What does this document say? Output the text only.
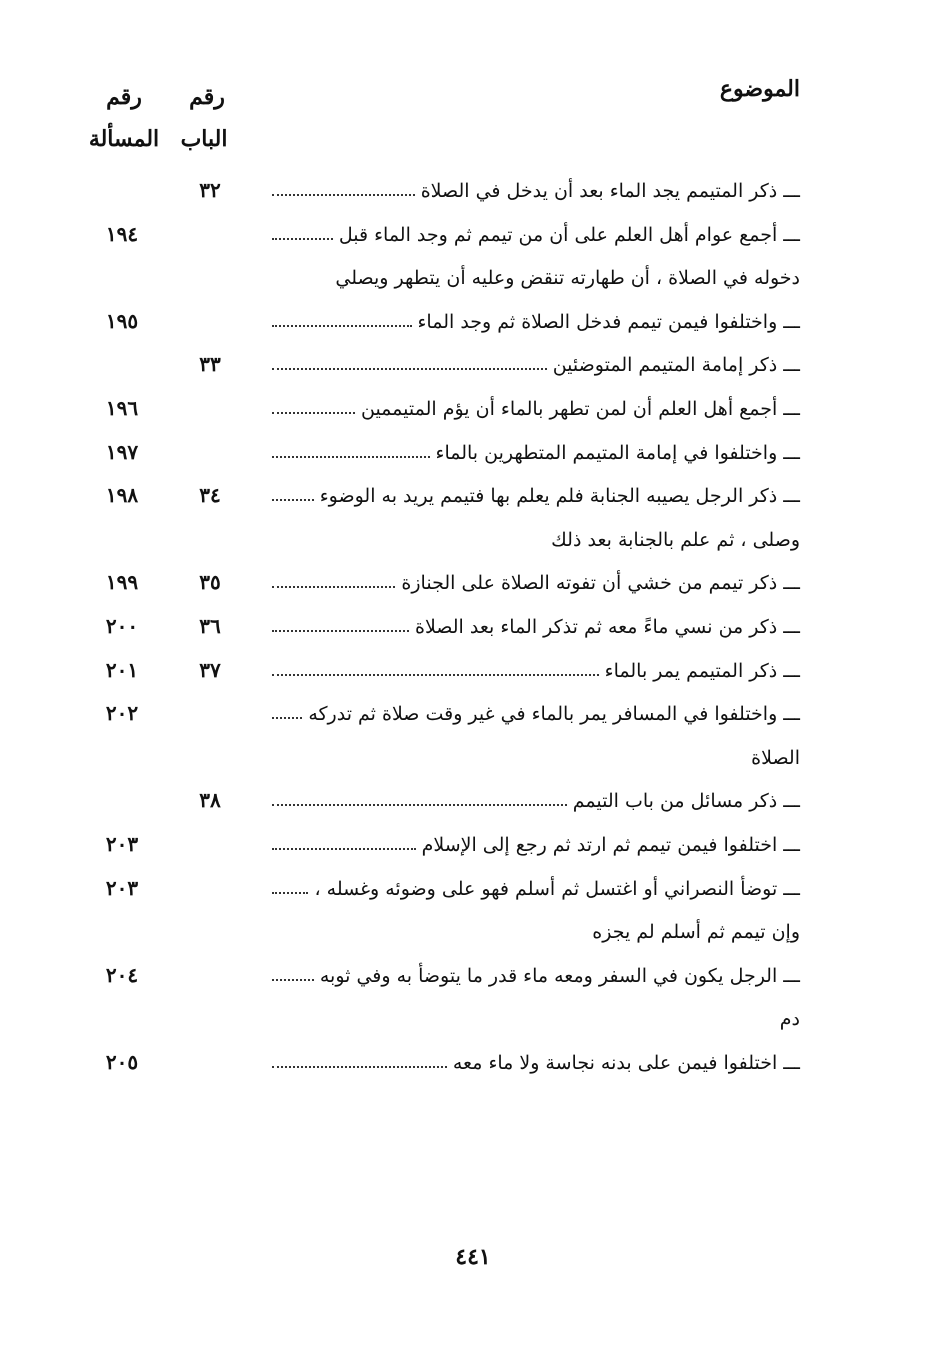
الموضوع
رقم
الباب
رقم
المسألة
ـــ ذكر المتيمم يجد الماء بعد أن يدخل في الصلاة
٣٢
ـــ أجمع عوام أهل العلم على أن من تيمم ثم وجد الماء قبل
دخوله في الصلاة ، أن طهارته تنقض وعليه أن يتطهر ويصلي
١٩٤
ـــ واختلفوا فيمن تيمم فدخل الصلاة ثم وجد الماء
١٩٥
ـــ ذكر إمامة المتيمم المتوضئين
٣٣
ـــ أجمع أهل العلم أن لمن تطهر بالماء أن يؤم المتيممين
١٩٦
ـــ واختلفوا في إمامة المتيمم المتطهرين بالماء
١٩٧
ـــ ذكر الرجل يصيبه الجنابة فلم يعلم بها فتيمم يريد به الوضوء
وصلى ، ثم علم بالجنابة بعد ذلك
٣٤
١٩٨
ـــ ذكر تيمم من خشي أن تفوته الصلاة على الجنازة
٣٥
١٩٩
ـــ ذكر من نسي ماءً معه ثم تذكر الماء بعد الصلاة
٣٦
٢٠٠
ـــ ذكر المتيمم يمر بالماء
٣٧
٢٠١
ـــ واختلفوا في المسافر يمر بالماء في غير وقت صلاة ثم تدركه
الصلاة
٢٠٢
ـــ ذكر مسائل من باب التيمم
٣٨
ـــ اختلفوا فيمن تيمم ثم ارتد ثم رجع إلى الإسلام
٢٠٣
ـــ توضأ النصراني أو اغتسل ثم أسلم فهو على وضوئه وغسله ،
وإن تيمم ثم أسلم لم يجزه
٢٠٣
ـــ الرجل يكون في السفر ومعه ماء قدر ما يتوضأ به وفي ثوبه
دم
٢٠٤
ـــ اختلفوا فيمن على بدنه نجاسة ولا ماء معه
٢٠٥
٤٤١
